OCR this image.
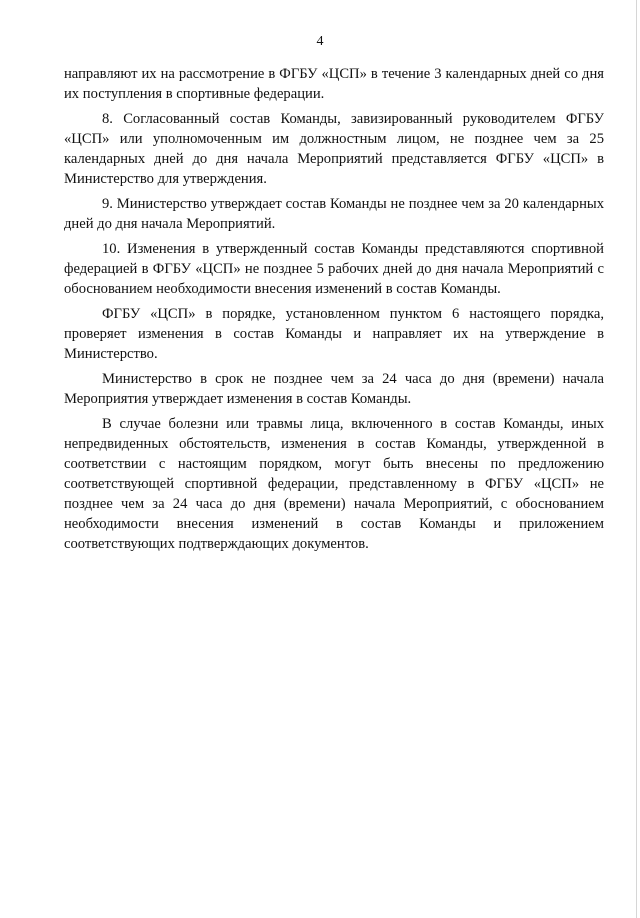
4

направляют их на рассмотрение в ФГБУ «ЦСП» в течение 3 календарных дней со дня их поступления в спортивные федерации.

8. Согласованный состав Команды, завизированный руководителем ФГБУ «ЦСП» или уполномоченным им должностным лицом, не позднее чем за 25 календарных дней до дня начала Мероприятий представляется ФГБУ «ЦСП» в Министерство для утверждения.

9. Министерство утверждает состав Команды не позднее чем за 20 календарных дней до дня начала Мероприятий.

10. Изменения в утвержденный состав Команды представляются спортивной федерацией в ФГБУ «ЦСП» не позднее 5 рабочих дней до дня начала Мероприятий с обоснованием необходимости внесения изменений в состав Команды.

ФГБУ «ЦСП» в порядке, установленном пунктом 6 настоящего порядка, проверяет изменения в состав Команды и направляет их на утверждение в Министерство.

Министерство в срок не позднее чем за 24 часа до дня (времени) начала Мероприятия утверждает изменения в состав Команды.

В случае болезни или травмы лица, включенного в состав Команды, иных непредвиденных обстоятельств, изменения в состав Команды, утвержденной в соответствии с настоящим порядком, могут быть внесены по предложению соответствующей спортивной федерации, представленному в ФГБУ «ЦСП» не позднее чем за 24 часа до дня (времени) начала Мероприятий, с обоснованием необходимости внесения изменений в состав Команды и приложением соответствующих подтверждающих документов.
